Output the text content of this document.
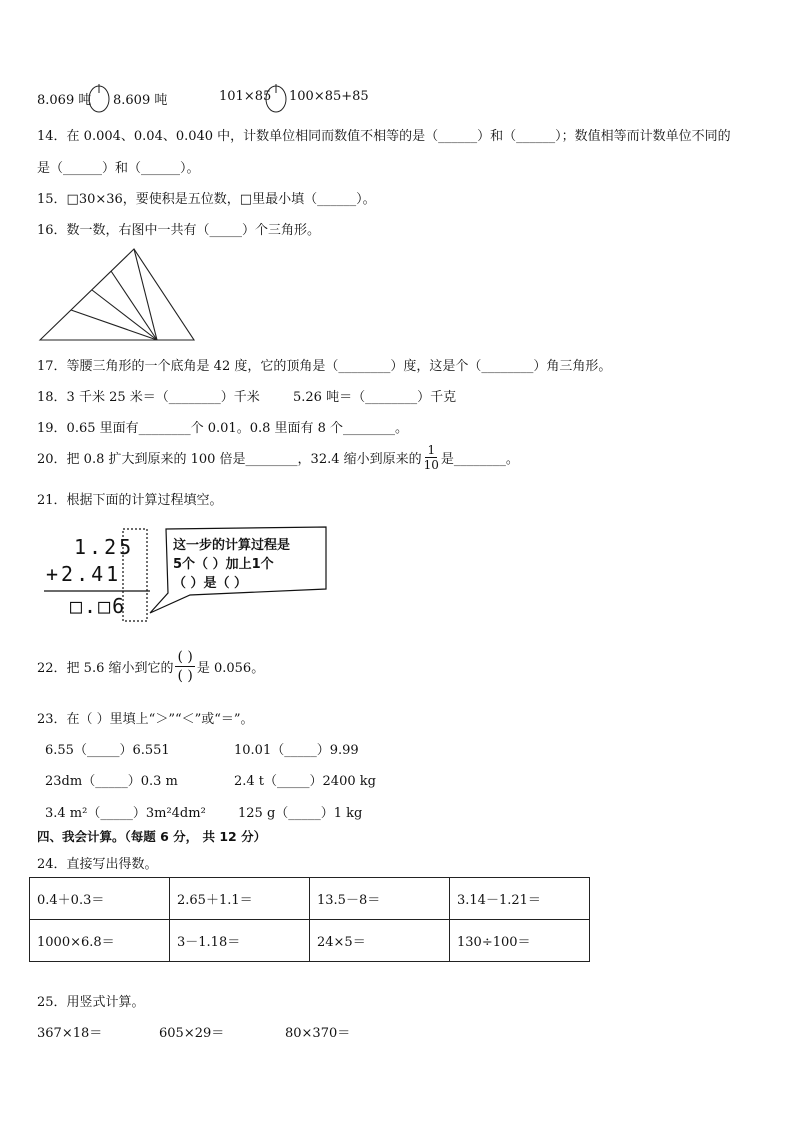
8.069 吨 8.609 吨	101×85 100×85+85
14．在 0.004、0.04、0.040 中，计数单位相同而数值不相等的是（______）和（______）；数值相等而计数单位不同的
是（______）和（______）。
15．□30×36，要使积是五位数，□里最小填（______）。
16．数一数，右图中一共有（_____）个三角形。
17．等腰三角形的一个底角是 42 度，它的顶角是（________）度，这是个（________）角三角形。
18．3 千米 25 米＝（________）千米	5.26 吨＝（________）千克
19．0.65 里面有________个 0.01。0.8 里面有 8 个________。
20．把 0.8 扩大到原来的 100 倍是________，32.4 缩小到原来的 $\frac{1}{10}$ 是________。
21．根据下面的计算过程填空。
1.25
+2.41
□.□6
这一步的计算过程是
5个（ ）加上1个
（ ）是（ ）
22．把 5.6 缩小到它的 $\frac{( )}{( )}$ 是 0.056。
23．在（ ）里填上“＞”“＜”或“＝”。
6.55（_____）6.551	10.01（_____）9.99
23dm（_____）0.3 m	2.4 t（_____）2400 kg
3.4 m²（_____）3m²4dm² 125 g（_____）1 kg
四、我会计算。（每题 6 分， 共 12 分）
24．直接写出得数。
0.4＋0.3＝	2.65＋1.1＝	13.5－8＝	3.14－1.21＝
1000×6.8＝	3－1.18＝	24×5＝	130÷100＝
25．用竖式计算。
367×18＝	605×29＝	80×370＝
